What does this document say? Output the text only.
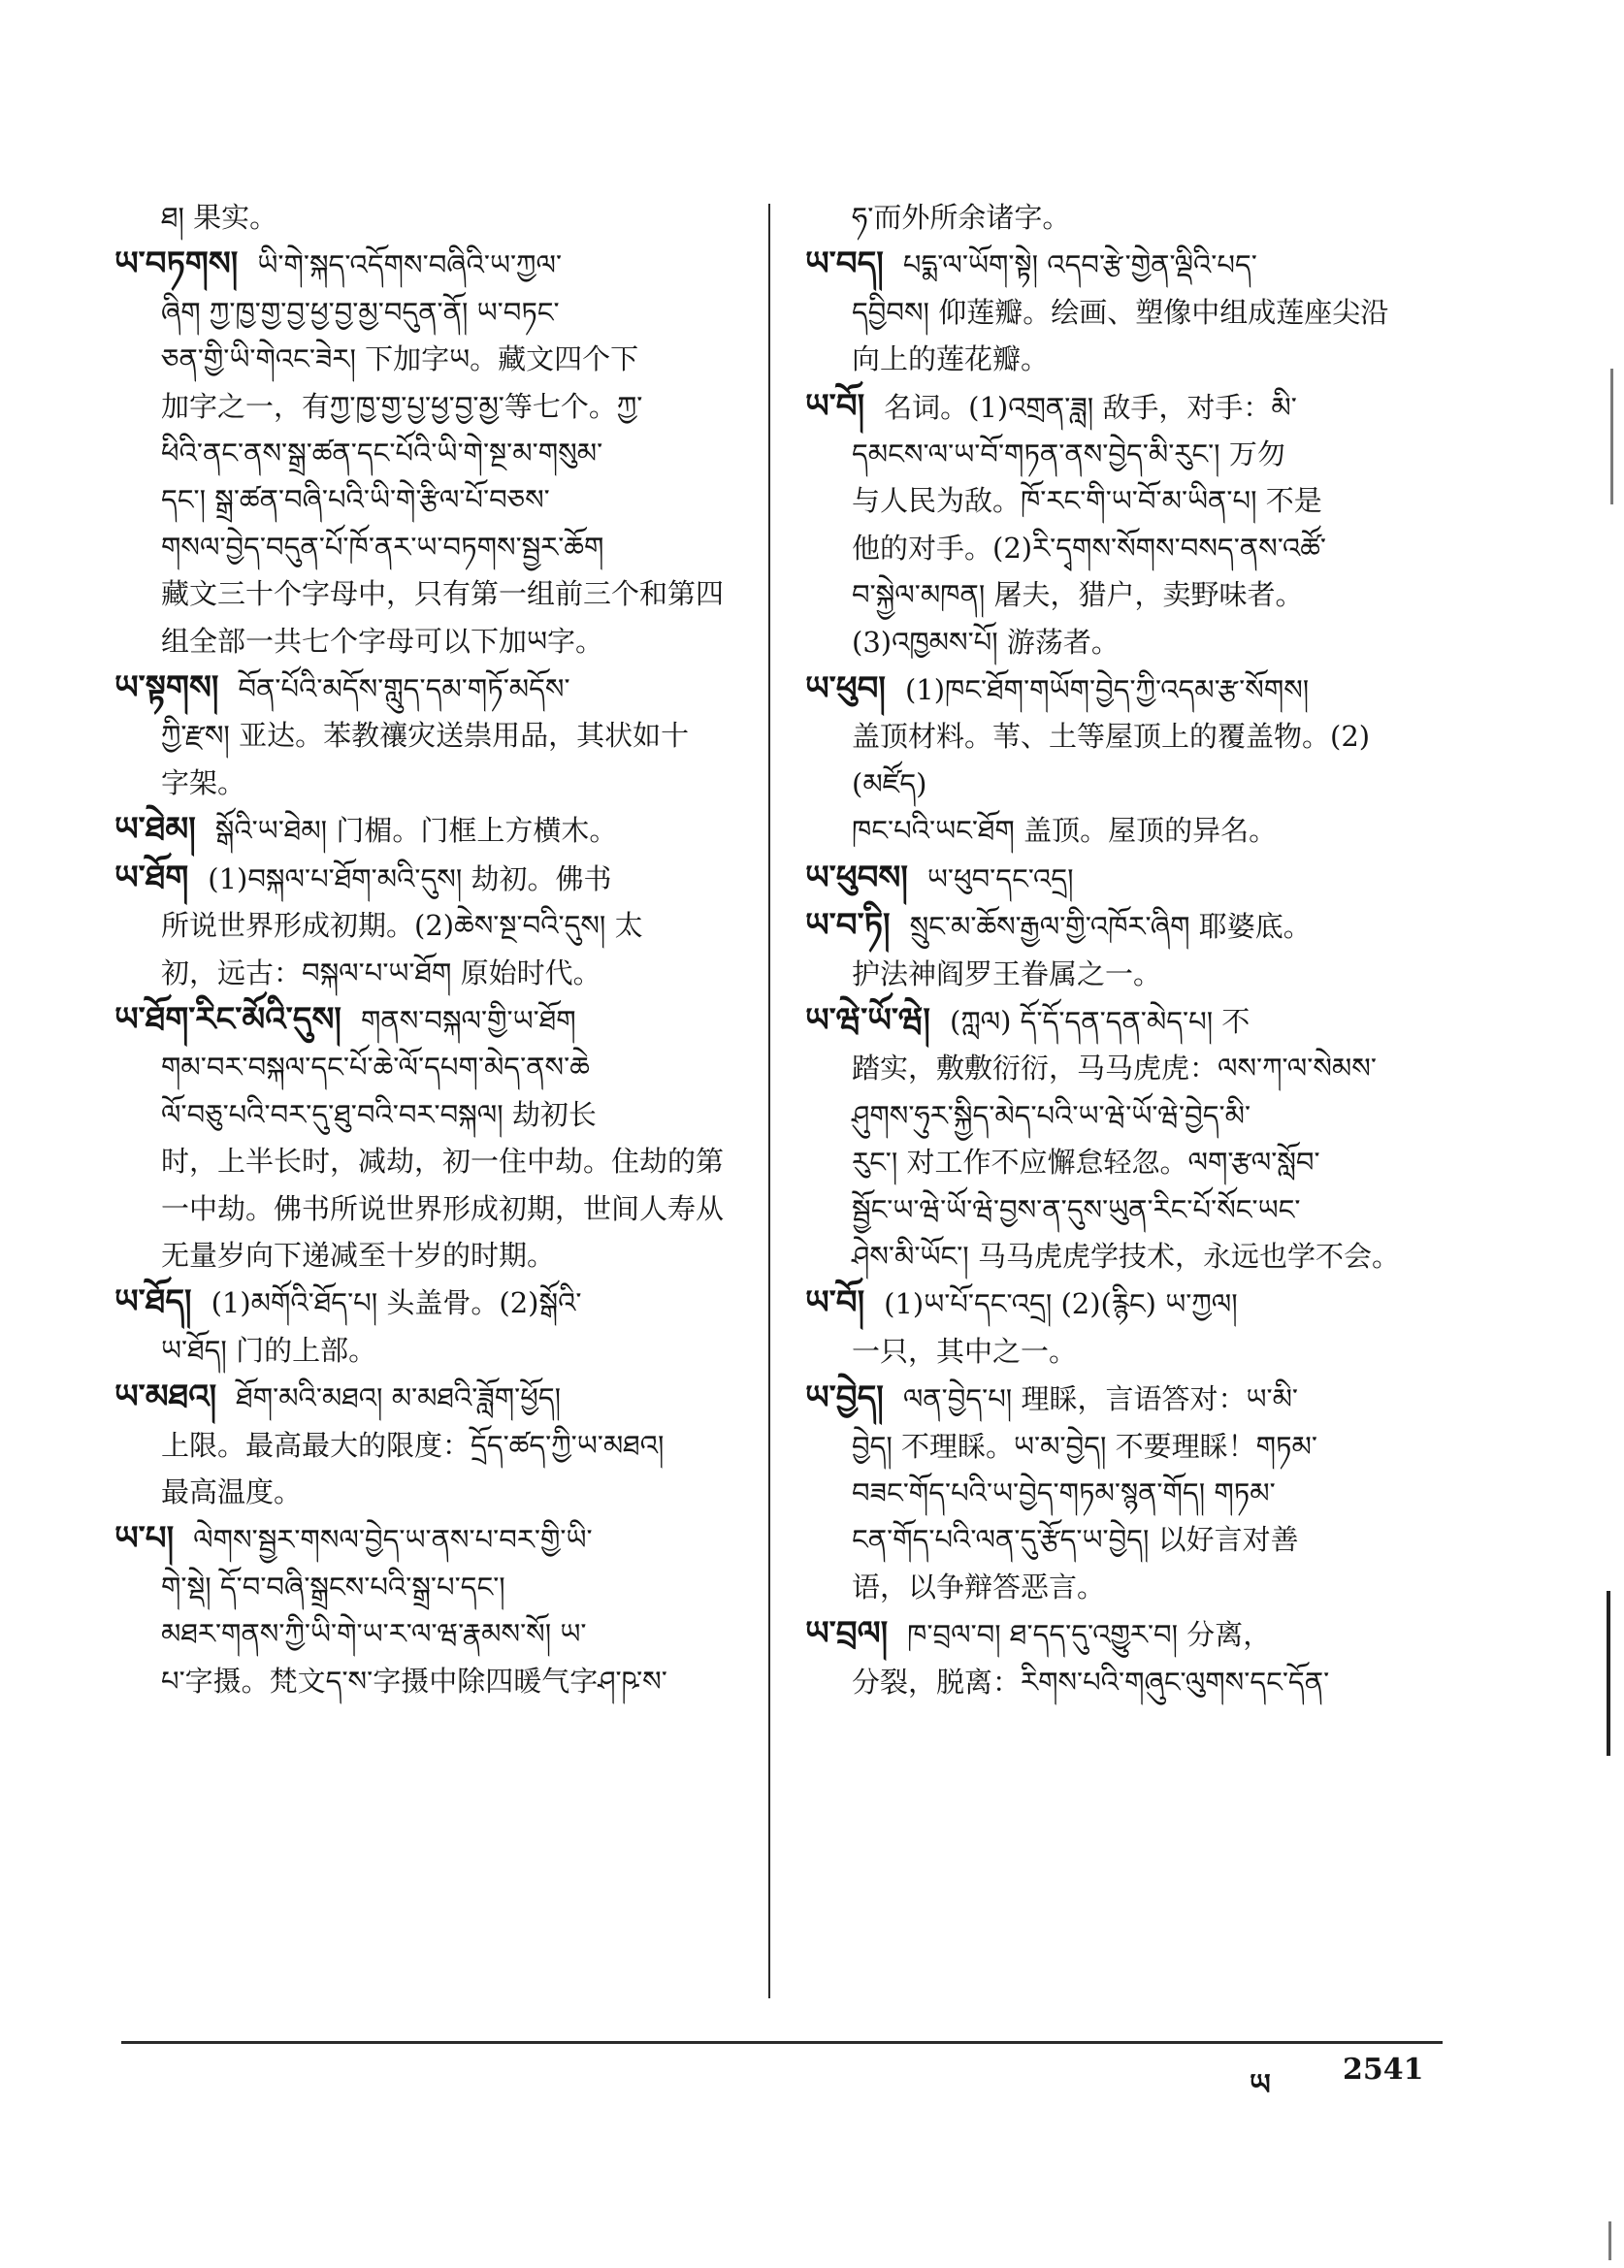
ཐ། 果实。
ཡ་བཏགས། ཡི་གེ་སྐད་འདོགས་བཞིའི་ཡ་ཀྱལ་
ཞིག ཀྱ་ཁྱ་གྱ་བྱ་ཕྱ་བྱ་མྱ་བདུན་ནོ། ཡ་བཏང་
ཅན་གྱི་ཡི་གེའང་ཟེར། 下加字ཡ。藏文四个下
加字之一，有ཀྱ་ཁྱ་གྱ་པྱ་ཕྱ་བྱ་མྱ་等七个。ཀྱ་
ཕིའི་ནང་ནས་སྒྲ་ཚན་དང་པོའི་ཡི་གེ་སྔ་མ་གསུམ་
དང་། སྒྲ་ཚན་བཞི་པའི་ཡི་གེ་རྩིལ་པོ་བཅས་
གསལ་བྱེད་བདུན་པོ་ཁོ་ནར་ཡ་བཏགས་སྦྱར་ཆོག
藏文三十个字母中，只有第一组前三个和第四
组全部一共七个字母可以下加ཡ字。
ཡ་སྟགས། བོན་པོའི་མདོས་གླུད་དམ་གཏོ་མདོས་
ཀྱི་རྫས། 亚达。苯教禳灾送祟用品，其状如十
字架。
ཡ་ཐེམ། སྒོའི་ཡ་ཐེམ། 门楣。门框上方横木。
ཡ་ཐོག (1)བསྐལ་པ་ཐོག་མའི་དུས། 劫初。佛书
所说世界形成初期。(2)ཆེས་སྔ་བའི་དུས། 太
初，远古：བསྐལ་པ་ཡ་ཐོག 原始时代。
ཡ་ཐོག་རིང་མོའི་དུས། གནས་བསྐལ་གྱི་ཡ་ཐོག
གམ་བར་བསྐལ་དང་པོ་ཆེ་ལོ་དཔག་མེད་ནས་ཆེ
ལོ་བཅུ་པའི་བར་དུ་ཐུ་བའི་བར་བསྐལ། 劫初长
时，上半长时，减劫，初一住中劫。住劫的第
一中劫。佛书所说世界形成初期，世间人寿从
无量岁向下递减至十岁的时期。
ཡ་ཐོད། (1)མགོའི་ཐོད་པ། 头盖骨。(2)སྒོའི་
ཡ་ཐོད། 门的上部。
ཡ་མཐའ། ཐོག་མའི་མཐའ། མ་མཐའི་ཟློག་ཕྱོད།
上限。最高最大的限度：དྲོད་ཚད་ཀྱི་ཡ་མཐའ།
最高温度。
ཡ་པ། ལེགས་སྦྱར་གསལ་བྱེད་ཡ་ནས་པ་བར་གྱི་ཡི་
གེ་སྡེ། དོ་བ་བཞི་སྒྲངས་པའི་སྒྲ་པ་དང་།
མཐར་གནས་ཀྱི་ཡི་གེ་ཡ་ར་ལ་ཝ་རྣམས་སོ། ཡ་
པ་字摄。梵文ད་ས་字摄中除四暖气字ཤ་ཥ་ས་
ཧ་而外所余诸字。
ཡ་བད། པདྨ་ལ་ཡོག་སྟེ། འདབ་རྩེ་གྱེན་ལྡིའི་པད་
དབྱིབས། 仰莲瓣。绘画、塑像中组成莲座尖沿
向上的莲花瓣。
ཡ་བོ། 名词。(1)འགྲན་ཟླ། 敌手，对手：མི་
དམངས་ལ་ཡ་བོ་གཏན་ནས་བྱེད་མི་རུང་། 万勿
与人民为敌。ཁོ་རང་གི་ཡ་བོ་མ་ཡིན་པ། 不是
他的对手。(2)རི་དྭགས་སོགས་བསད་ནས་འཚོ་
བ་སྐྱེལ་མཁན། 屠夫，猎户，卖野味者。
(3)འཁྱམས་པོ། 游荡者。
ཡ་ཕུབ། (1)ཁང་ཐོག་གཡོག་བྱེད་ཀྱི་འདམ་རྩ་སོགས།
盖顶材料。苇、土等屋顶上的覆盖物。(2)(མཛོད)
ཁང་པའི་ཡང་ཐོག 盖顶。屋顶的异名。
ཡ་ཕུབས། ཡ་ཕུབ་དང་འདྲ།
ཡ་བ་ཏི། སྲུང་མ་ཆོས་རྒྱལ་གྱི་འཁོར་ཞིག 耶婆底。
护法神阎罗王眷属之一。
ཡ་ཝེ་ཡོ་ཝེ། (ཀླལ) དོ་དོ་དན་དན་མེད་པ། 不
踏实，敷敷衍衍，马马虎虎：ལས་ཀ་ལ་སེམས་
ཤུགས་ཧུར་སྐྱིད་མེད་པའི་ཡ་ཝེ་ཡོ་ཝེ་བྱེད་མི་
རུང་། 对工作不应懈怠轻忽。ལག་རྩལ་སློབ་
སྦྱོང་ཡ་ཝེ་ཡོ་ཝེ་བྱས་ན་དུས་ཡུན་རིང་པོ་སོང་ཡང་
ཤེས་མི་ཡོང་། 马马虎虎学技术，永远也学不会。
ཡ་བོ། (1)ཡ་པོ་དང་འདྲ། (2)(རྙིང) ཡ་ཀྱལ།
一只，其中之一。
ཡ་བྱེད། ལན་བྱེད་པ། 理睬，言语答对：ཡ་མི་
བྱེད། 不理睬。ཡ་མ་བྱེད། 不要理睬！གཏམ་
བཟང་གོད་པའི་ཡ་བྱེད་གཏམ་སྙན་གོད། གཏམ་
ངན་གོད་པའི་ལན་དུ་རྩོད་ཡ་བྱེད། 以好言对善
语，以争辩答恶言。
ཡ་བྲལ། ཁ་བྲལ་བ། ཐ་དད་དུ་འགྱུར་བ། 分离，
分裂，脱离：རིགས་པའི་གཞུང་ལུགས་དང་དོན་
ཡ 2541
